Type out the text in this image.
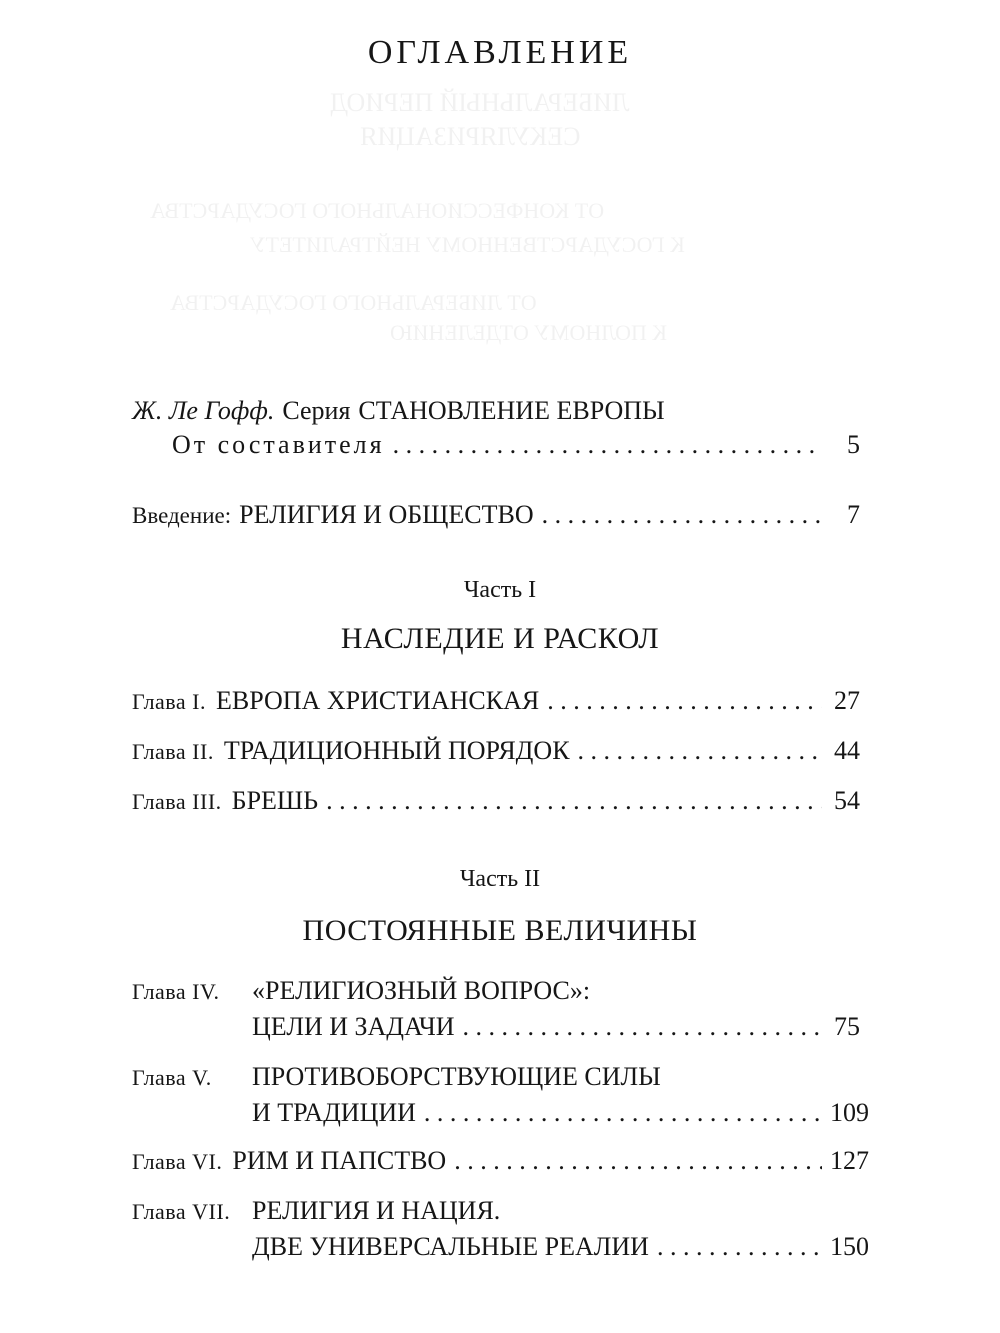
ЛИБЕРАЛЬНЫЙ ПЕРИОД
СЕКУЛЯРИЗАЦИЯ
ОТ КОНФЕССИОНАЛЬНОГО ГОСУДАРСТВА
К ГОСУДАРСТВЕННОМУ НЕЙТРАЛИТЕТУ
ОТ ЛИБЕРАЛЬНОГО ГОСУДАРСТВА
К ПОЛНОМУ ОТДЕЛЕНИЮ
ОГЛАВЛЕНИЕ
Ж. Ле Гофф. Серия СТАНОВЛЕНИЕ ЕВРОПЫ
От составителя . . .	5
Введение: РЕЛИГИЯ И ОБЩЕСТВО . . .	7
Часть I
НАСЛЕДИЕ И РАСКОЛ
Глава I. ЕВРОПА ХРИСТИАНСКАЯ . . .	27
Глава II. ТРАДИЦИОННЫЙ ПОРЯДОК . . .	44
Глава III. БРЕШЬ . . .	54
Часть II
ПОСТОЯННЫЕ ВЕЛИЧИНЫ
Глава IV.	«РЕЛИГИОЗНЫЙ ВОПРОС»:
ЦЕЛИ И ЗАДАЧИ . . .	75
Глава V.	ПРОТИВОБОРСТВУЮЩИЕ СИЛЫ
И ТРАДИЦИИ . . .	109
Глава VI. РИМ И ПАПСТВО . . .	127
Глава VII. РЕЛИГИЯ И НАЦИЯ.
ДВЕ УНИВЕРСАЛЬНЫЕ РЕАЛИИ . . .	150
